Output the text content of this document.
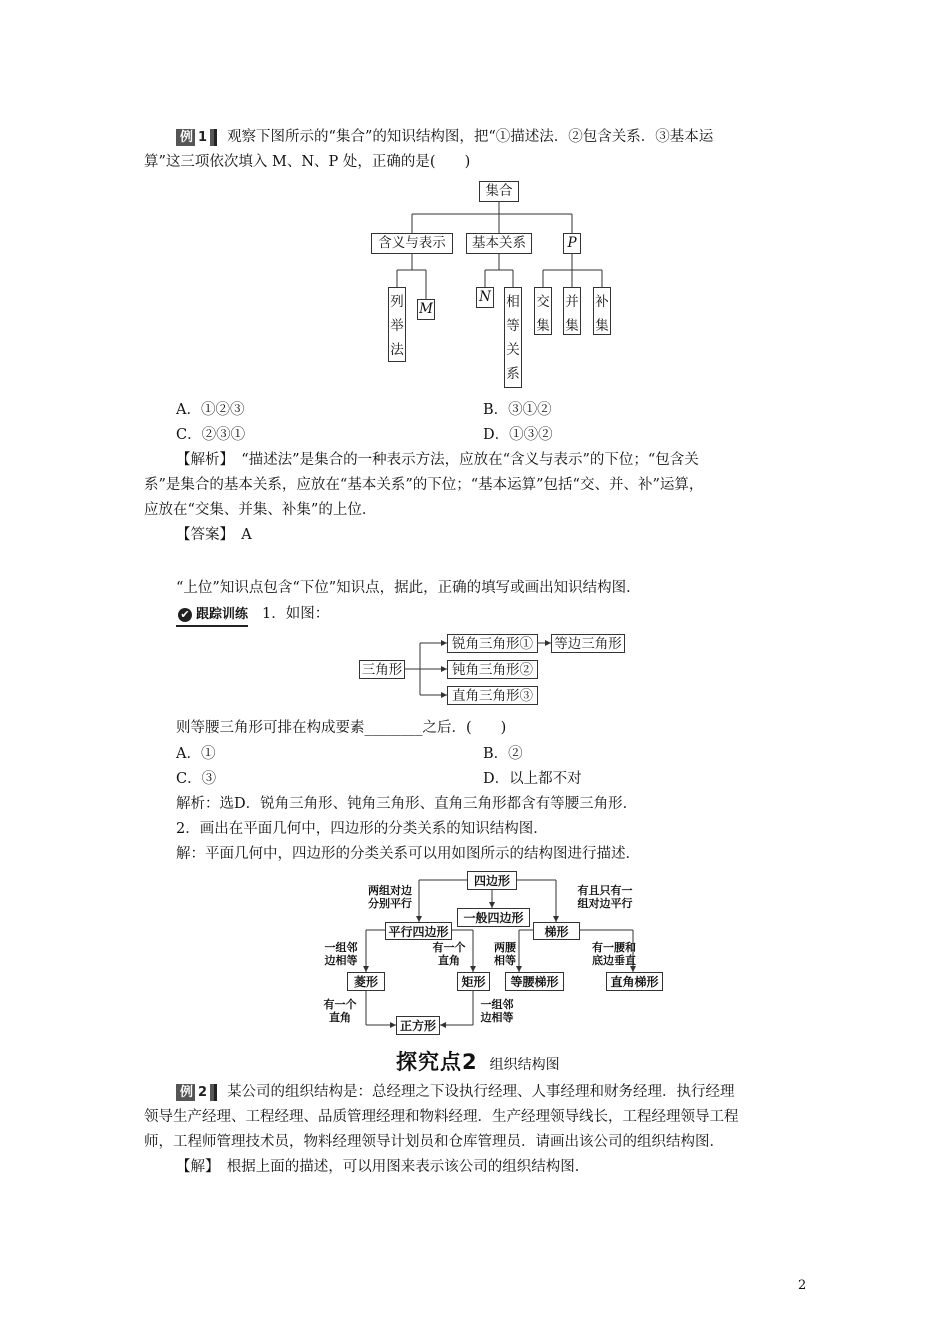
例 1 观察下图所示的“集合”的知识结构图，把“①描述法．②包含关系．③基本运
算”这三项依次填入 M、N、P 处，正确的是(　　)
集合
含义与表示	基本关系	P
列举法
M
N 相等关系
交集
并集
补集
A．①②③	B．③①②
C．②③①	D．①③②
【解析】　“描述法”是集合的一种表示方法，应放在“含义与表示”的下位；“包含关
系”是集合的基本关系，应放在“基本关系”的下位；“基本运算”包括“交、并、补”运算，
应放在“交集、并集、补集”的上位．
【答案】　A
“上位”知识点包含“下位”知识点，据此，正确的填写或画出知识结构图．
✔ 跟踪训练 1．如图：
三角形
锐角三角形①
钝角三角形②
直角三角形③
等边三角形
则等腰三角形可排在构成要素________之后．(　　)
A．①	B．②
C．③	D．以上都不对
解析：选D．锐角三角形、钝角三角形、直角三角形都含有等腰三角形．
2．画出在平面几何中，四边形的分类关系的知识结构图．
解：平面几何中，四边形的分类关系可以用如图所示的结构图进行描述．
四边形
一般四边形
平行四边形	梯形
菱形	矩形	等腰梯形	直角梯形
正方形
两组对边
分别平行
有且只有一
组对边平行
一组邻
边相等
有一个
直角
两腰
相等
有一腰和
底边垂直
有一个
直角
一组邻
边相等
探究点2 组织结构图
例 2 某公司的组织结构是：总经理之下设执行经理、人事经理和财务经理．执行经理
领导生产经理、工程经理、品质管理经理和物料经理．生产经理领导线长，工程经理领导工程
师，工程师管理技术员，物料经理领导计划员和仓库管理员．请画出该公司的组织结构图．
【解】　根据上面的描述，可以用图来表示该公司的组织结构图．
2
